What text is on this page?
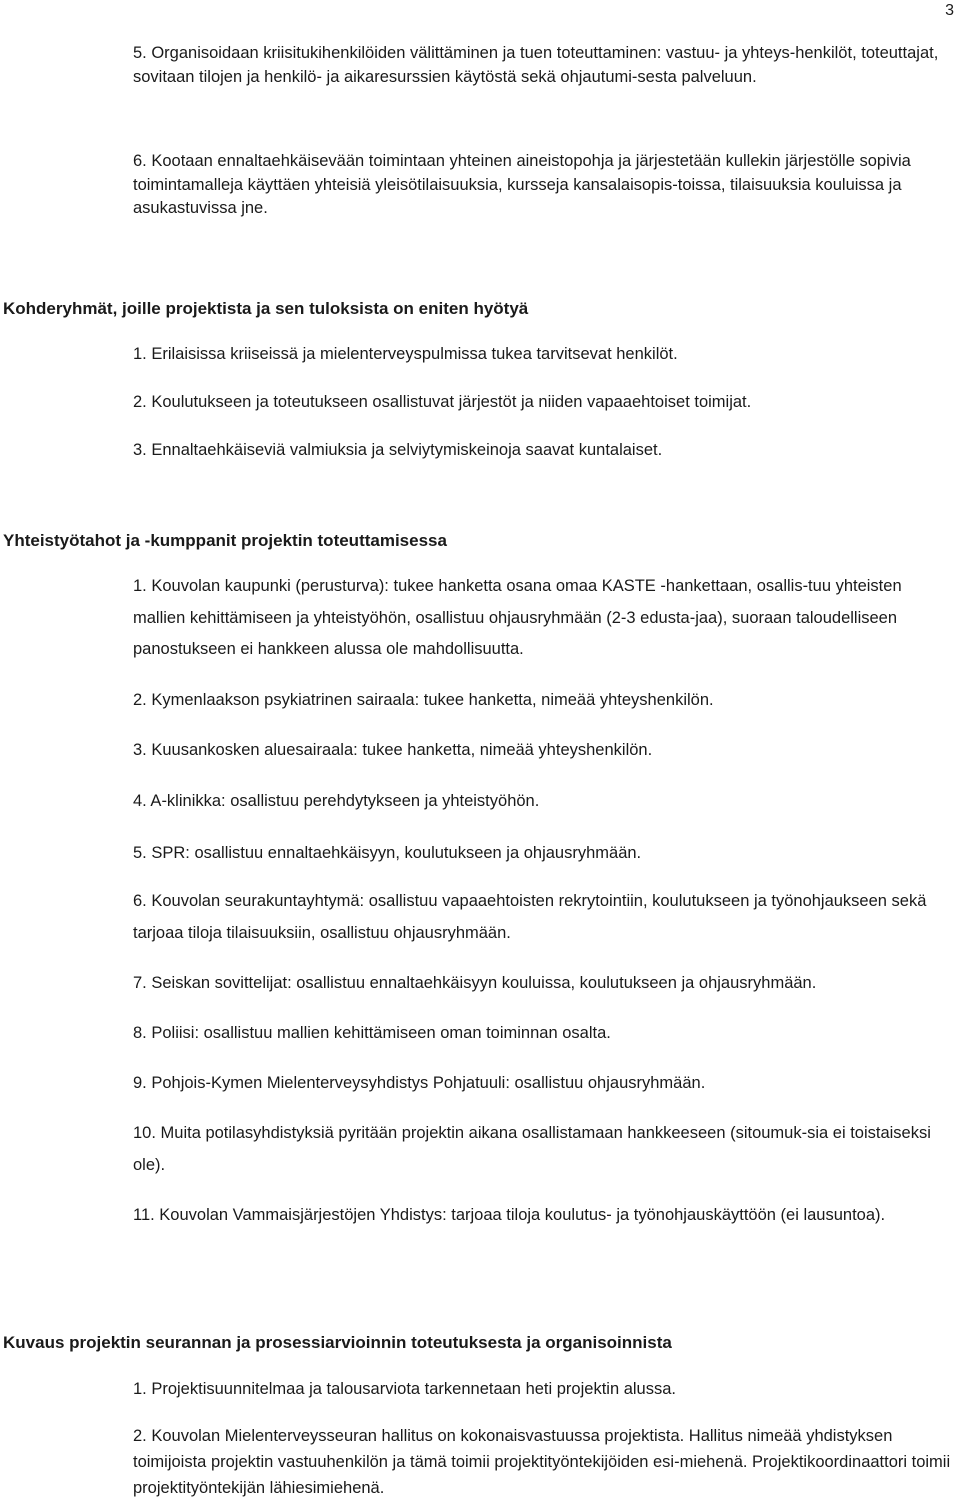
3

5. Organisoidaan kriisitukihenkilöiden välittäminen ja tuen toteuttaminen: vastuu- ja yhteys-henkilöt, toteuttajat, sovitaan tilojen ja henkilö- ja aikaresurssien käytöstä sekä ohjautumi-sesta palveluun.

6. Kootaan ennaltaehkäisevään toimintaan yhteinen aineistopohja ja järjestetään kullekin järjestölle sopivia toimintamalleja käyttäen yhteisiä yleisötilaisuuksia, kursseja kansalaisopis-toissa, tilaisuuksia kouluissa ja asukastuvissa jne.

Kohderyhmät, joille projektista ja sen tuloksista on eniten hyötyä

1. Erilaisissa kriiseissä ja mielenterveyspulmissa tukea tarvitsevat henkilöt.

2. Koulutukseen ja toteutukseen osallistuvat järjestöt ja niiden vapaaehtoiset toimijat.

3. Ennaltaehkäiseviä valmiuksia ja selviytymiskeinoja saavat kuntalaiset.

Yhteistyötahot ja -kumppanit projektin toteuttamisessa

1. Kouvolan kaupunki (perusturva): tukee hanketta osana omaa KASTE -hankettaan, osallis-tuu yhteisten mallien kehittämiseen ja yhteistyöhön, osallistuu ohjausryhmään (2-3 edusta-jaa), suoraan taloudelliseen panostukseen ei hankkeen alussa ole mahdollisuutta.

2. Kymenlaakson psykiatrinen sairaala: tukee hanketta, nimeää yhteyshenkilön.

3. Kuusankosken aluesairaala: tukee hanketta, nimeää yhteyshenkilön.

4. A-klinikka: osallistuu perehdytykseen ja yhteistyöhön.

5. SPR: osallistuu ennaltaehkäisyyn, koulutukseen ja ohjausryhmään.

6. Kouvolan seurakuntayhtymä: osallistuu vapaaehtoisten rekrytointiin, koulutukseen ja työnohjaukseen sekä tarjoaa tiloja tilaisuuksiin, osallistuu ohjausryhmään.

7. Seiskan sovittelijat: osallistuu ennaltaehkäisyyn kouluissa, koulutukseen ja ohjausryhmään.

8. Poliisi: osallistuu mallien kehittämiseen oman toiminnan osalta.

9. Pohjois-Kymen Mielenterveysyhdistys Pohjatuuli: osallistuu ohjausryhmään.

10. Muita potilasyhdistyksiä pyritään projektin aikana osallistamaan hankkeeseen (sitoumuk-sia ei toistaiseksi ole).

11. Kouvolan Vammaisjärjestöjen Yhdistys: tarjoaa tiloja koulutus- ja työnohjauskäyttöön (ei lausuntoa).

Kuvaus projektin seurannan ja prosessiarvioinnin toteutuksesta ja organisoinnista

1. Projektisuunnitelmaa ja talousarviota tarkennetaan heti projektin alussa.

2. Kouvolan Mielenterveysseuran hallitus on kokonaisvastuussa projektista. Hallitus nimeää yhdistyksen toimijoista projektin vastuuhenkilön ja tämä toimii projektityöntekijöiden esi-miehenä. Projektikoordinaattori toimii projektityöntekijän lähiesimiehenä.
